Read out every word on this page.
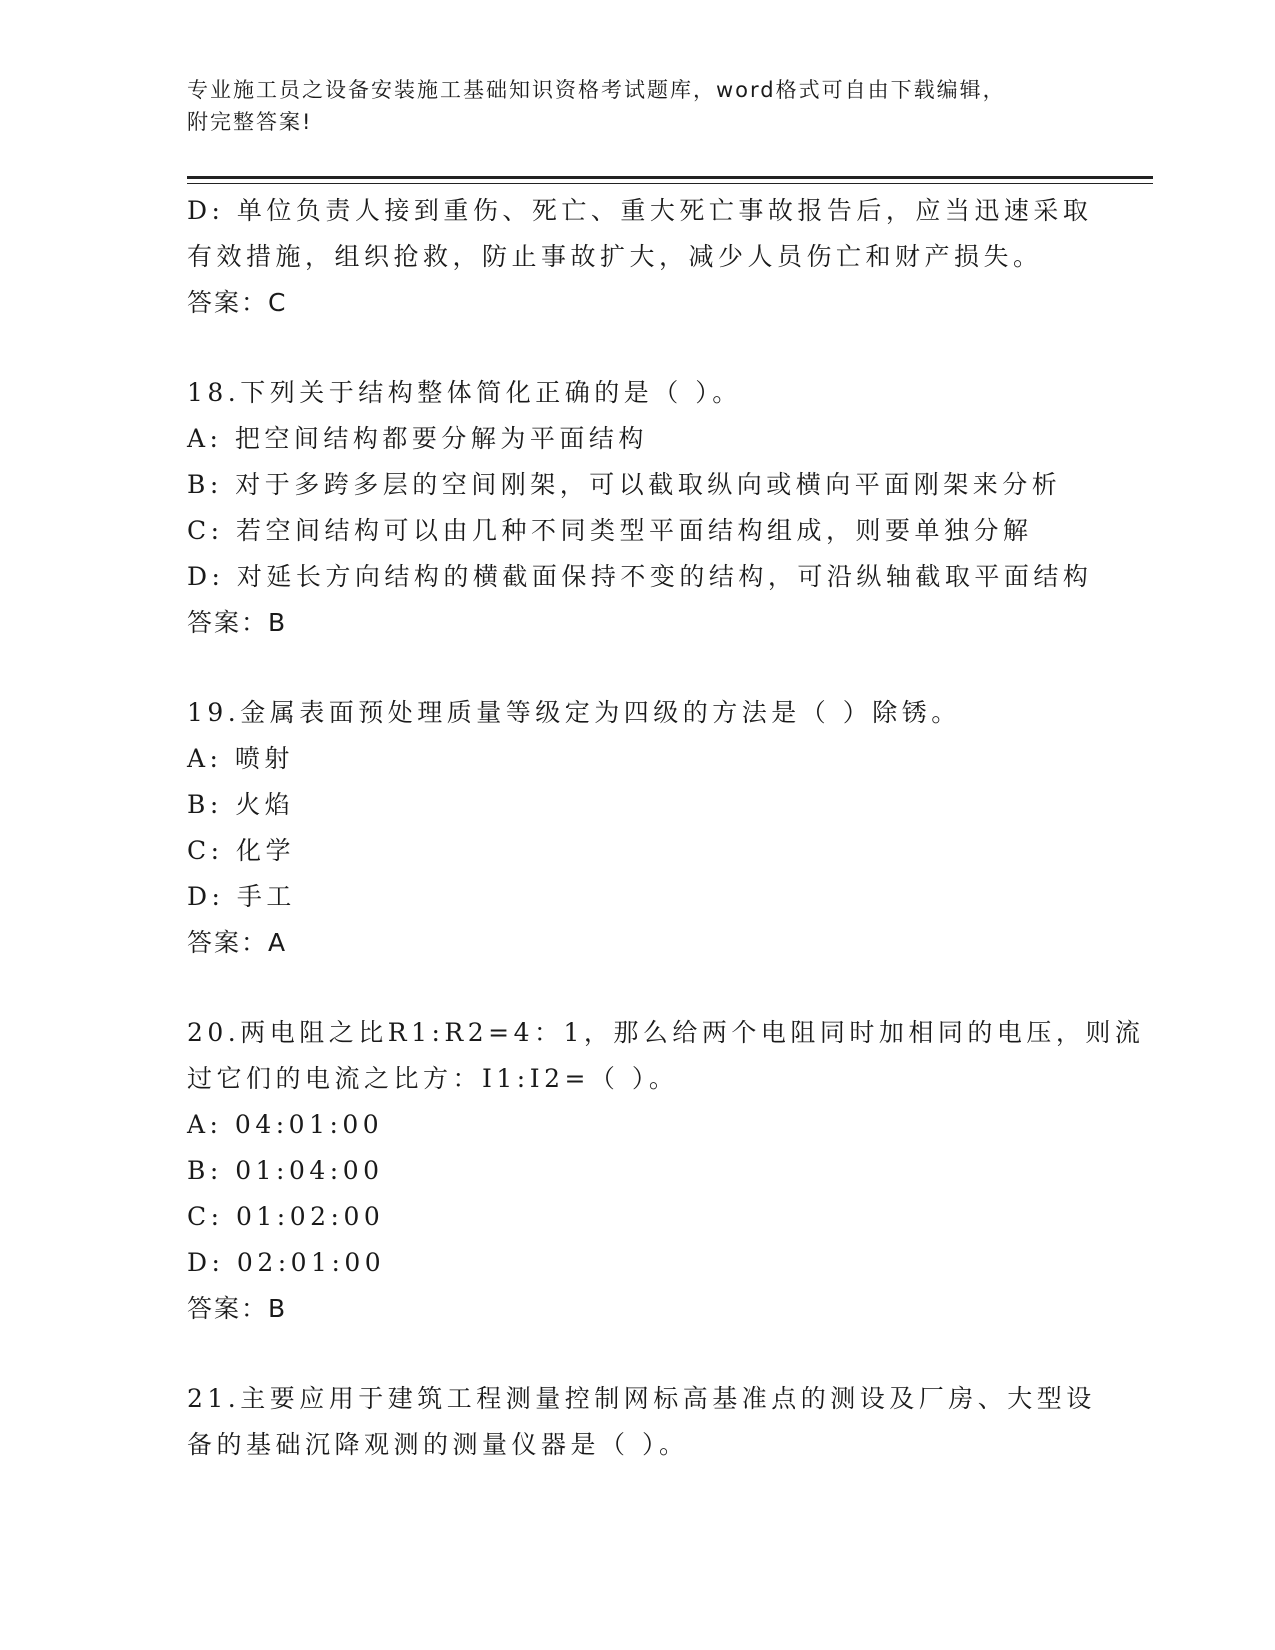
专业施工员之设备安装施工基础知识资格考试题库，word格式可自由下载编辑，

附完整答案!

D: 单位负责人接到重伤、死亡、重大死亡事故报告后，应当迅速采取
有效措施，组织抢救，防止事故扩大，减少人员伤亡和财产损失。
答案：C
18.下列关于结构整体简化正确的是（ ）。
A: 把空间结构都要分解为平面结构
B: 对于多跨多层的空间刚架，可以截取纵向或横向平面刚架来分析
C: 若空间结构可以由几种不同类型平面结构组成，则要单独分解
D: 对延长方向结构的横截面保持不变的结构，可沿纵轴截取平面结构
答案：B
19.金属表面预处理质量等级定为四级的方法是（ ）除锈。
A: 喷射
B: 火焰
C: 化学
D: 手工
答案：A
20.两电阻之比R1:R2=4：1，那么给两个电阻同时加相同的电压，则流
过它们的电流之比方：I1:I2=（ ）。
A: 04:01:00
B: 01:04:00
C: 01:02:00
D: 02:01:00
答案：B
21.主要应用于建筑工程测量控制网标高基准点的测设及厂房、大型设
备的基础沉降观测的测量仪器是（ ）。
